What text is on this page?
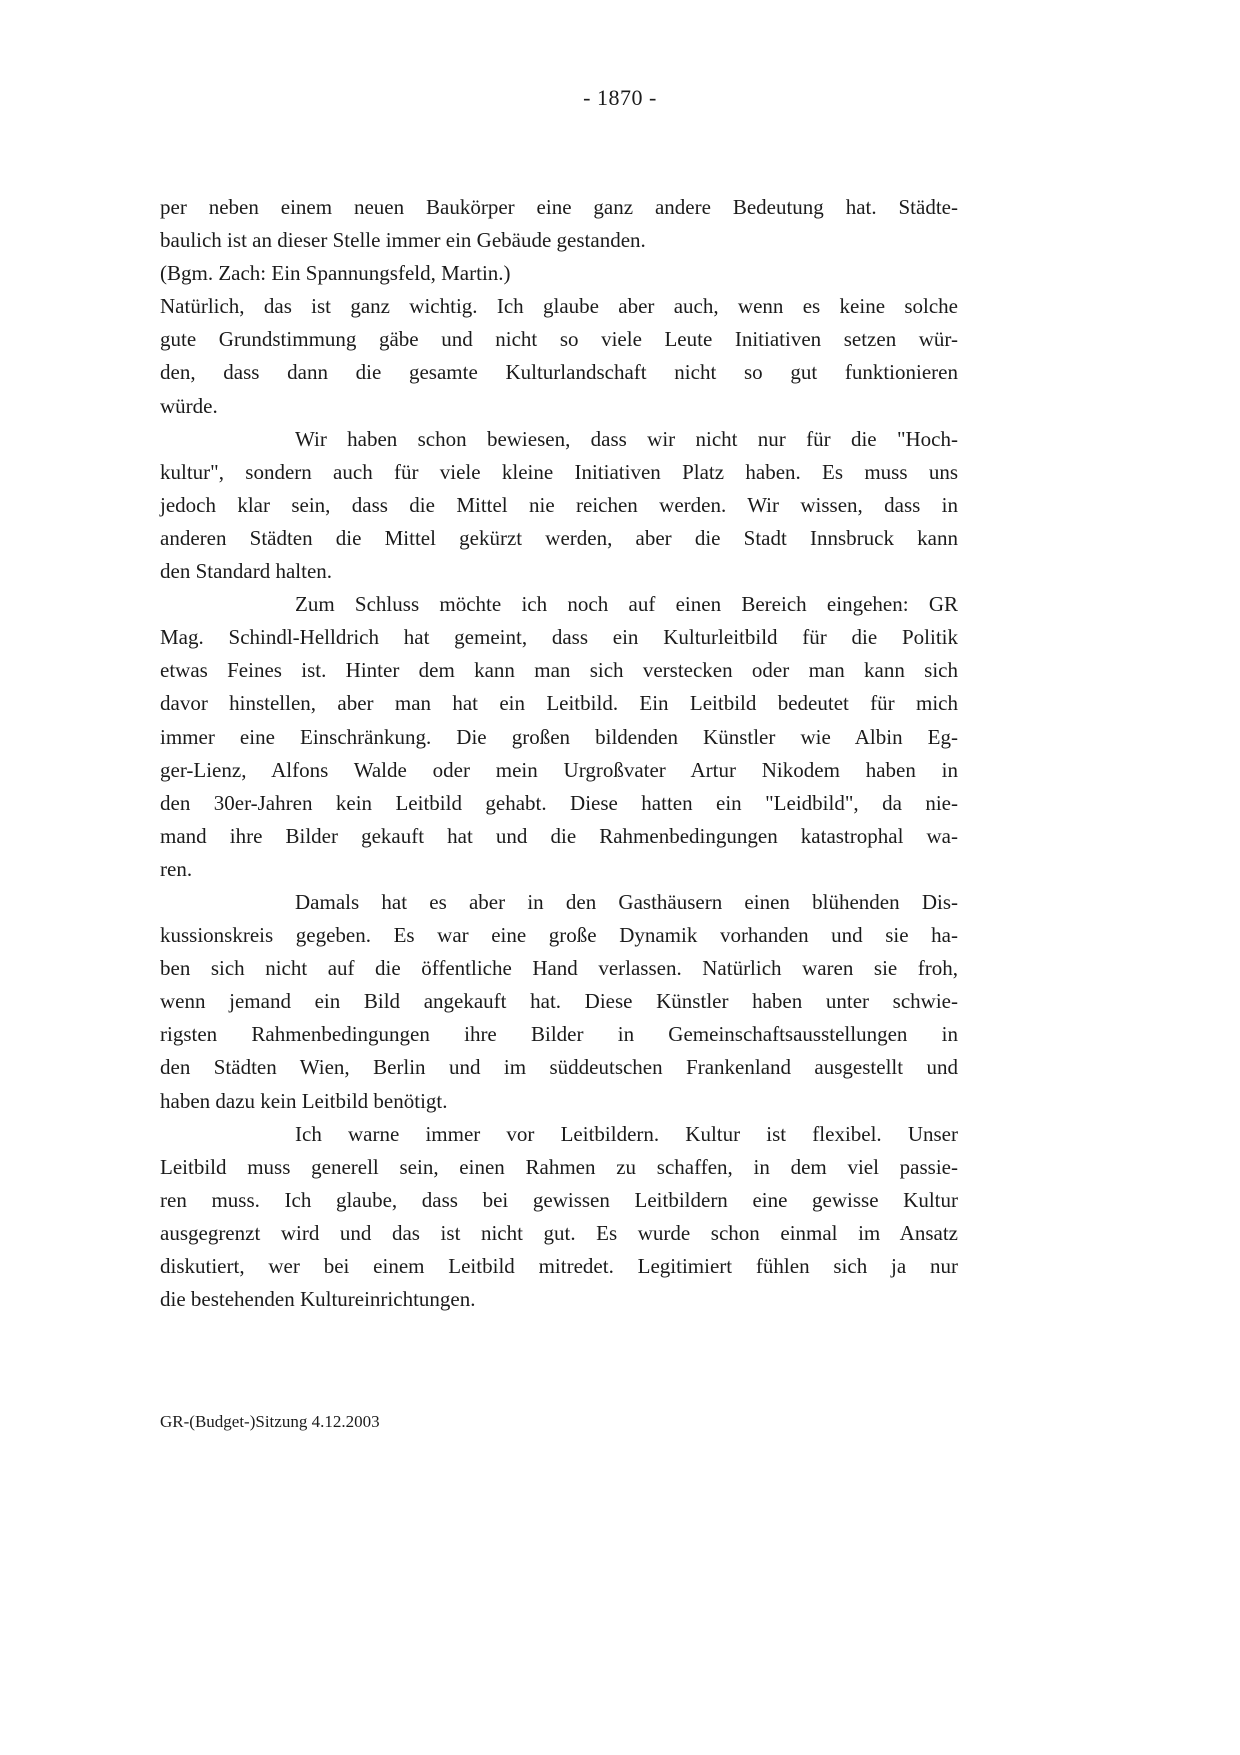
- 1870 -
per neben einem neuen Baukörper eine ganz andere Bedeutung hat. Städte-
baulich ist an dieser Stelle immer ein Gebäude gestanden.
(Bgm. Zach: Ein Spannungsfeld, Martin.)
Natürlich, das ist ganz wichtig. Ich glaube aber auch, wenn es keine solche
gute Grundstimmung gäbe und nicht so viele Leute Initiativen setzen wür-
den, dass dann die gesamte Kulturlandschaft nicht so gut funktionieren
würde.
Wir haben schon bewiesen, dass wir nicht nur für die "Hoch-
kultur", sondern auch für viele kleine Initiativen Platz haben. Es muss uns
jedoch klar sein, dass die Mittel nie reichen werden. Wir wissen, dass in
anderen Städten die Mittel gekürzt werden, aber die Stadt Innsbruck kann
den Standard halten.
Zum Schluss möchte ich noch auf einen Bereich eingehen: GR
Mag. Schindl-Helldrich hat gemeint, dass ein Kulturleitbild für die Politik
etwas Feines ist. Hinter dem kann man sich verstecken oder man kann sich
davor hinstellen, aber man hat ein Leitbild. Ein Leitbild bedeutet für mich
immer eine Einschränkung. Die großen bildenden Künstler wie Albin Eg-
ger-Lienz, Alfons Walde oder mein Urgroßvater Artur Nikodem haben in
den 30er-Jahren kein Leitbild gehabt. Diese hatten ein "Leidbild", da nie-
mand ihre Bilder gekauft hat und die Rahmenbedingungen katastrophal wa-
ren.
Damals hat es aber in den Gasthäusern einen blühenden Dis-
kussionskreis gegeben. Es war eine große Dynamik vorhanden und sie ha-
ben sich nicht auf die öffentliche Hand verlassen. Natürlich waren sie froh,
wenn jemand ein Bild angekauft hat. Diese Künstler haben unter schwie-
rigsten Rahmenbedingungen ihre Bilder in Gemeinschaftsausstellungen in
den Städten Wien, Berlin und im süddeutschen Frankenland ausgestellt und
haben dazu kein Leitbild benötigt.
Ich warne immer vor Leitbildern. Kultur ist flexibel. Unser
Leitbild muss generell sein, einen Rahmen zu schaffen, in dem viel passie-
ren muss. Ich glaube, dass bei gewissen Leitbildern eine gewisse Kultur
ausgegrenzt wird und das ist nicht gut. Es wurde schon einmal im Ansatz
diskutiert, wer bei einem Leitbild mitredet. Legitimiert fühlen sich ja nur
die bestehenden Kultureinrichtungen.
GR-(Budget-)Sitzung 4.12.2003
